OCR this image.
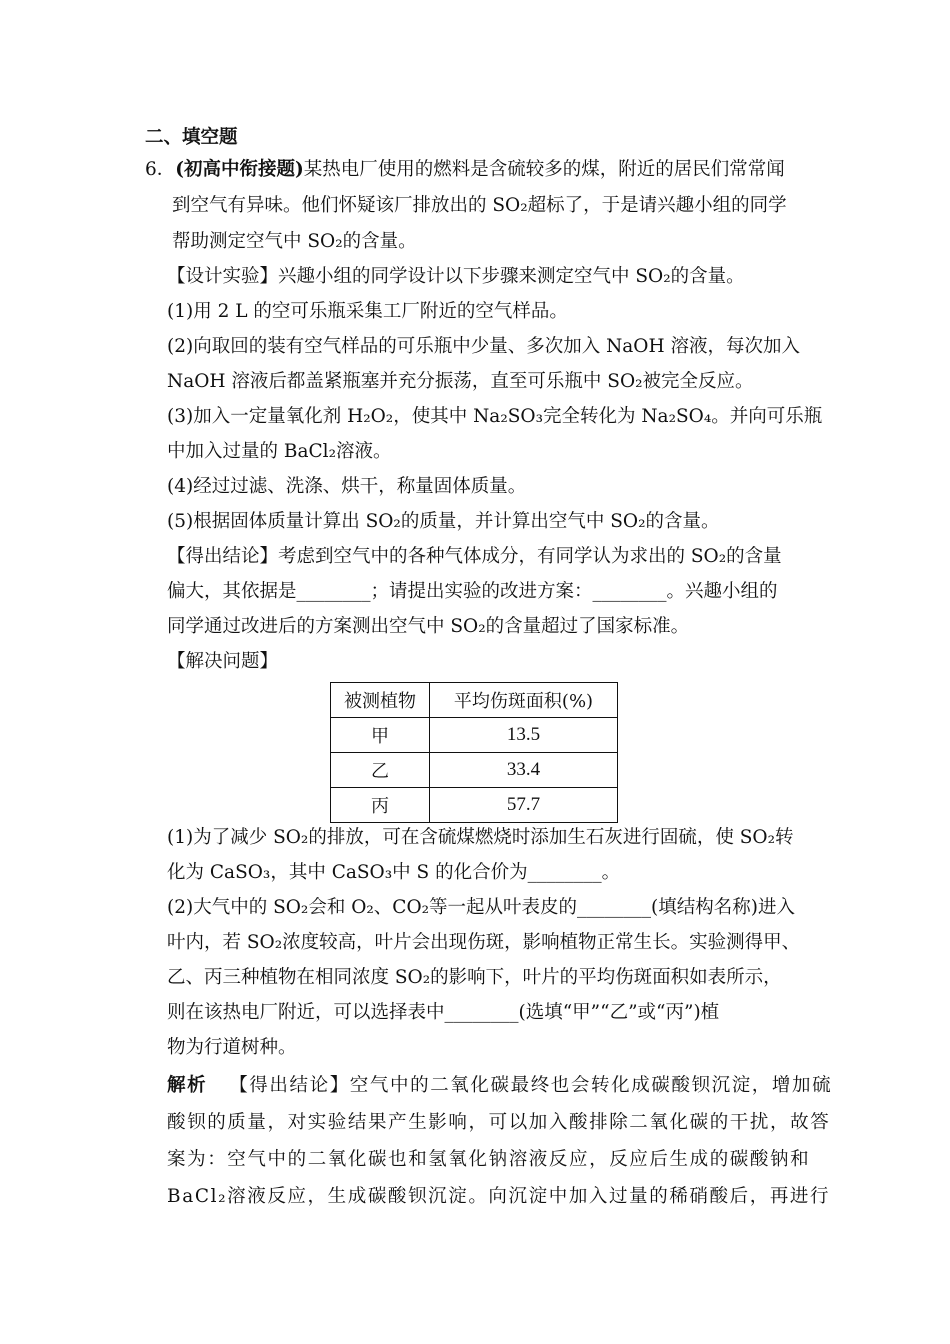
二、填空题
6．(初高中衔接题)某热电厂使用的燃料是含硫较多的煤，附近的居民们常常闻
到空气有异味。他们怀疑该厂排放出的 SO₂超标了，于是请兴趣小组的同学
帮助测定空气中 SO₂的含量。
【设计实验】兴趣小组的同学设计以下步骤来测定空气中 SO₂的含量。
(1)用 2 L 的空可乐瓶采集工厂附近的空气样品。
(2)向取回的装有空气样品的可乐瓶中少量、多次加入 NaOH 溶液，每次加入
NaOH 溶液后都盖紧瓶塞并充分振荡，直至可乐瓶中 SO₂被完全反应。
(3)加入一定量氧化剂 H₂O₂，使其中 Na₂SO₃完全转化为 Na₂SO₄。并向可乐瓶
中加入过量的 BaCl₂溶液。
(4)经过过滤、洗涤、烘干，称量固体质量。
(5)根据固体质量计算出 SO₂的质量，并计算出空气中 SO₂的含量。
【得出结论】考虑到空气中的各种气体成分，有同学认为求出的 SO₂的含量
偏大，其依据是________；请提出实验的改进方案：________。兴趣小组的
同学通过改进后的方案测出空气中 SO₂的含量超过了国家标准。
【解决问题】
被测植物	平均伤斑面积(%)
甲	13.5
乙	33.4
丙	57.7
(1)为了减少 SO₂的排放，可在含硫煤燃烧时添加生石灰进行固硫，使 SO₂转
化为 CaSO₃，其中 CaSO₃中 S 的化合价为________。
(2)大气中的 SO₂会和 O₂、CO₂等一起从叶表皮的________(填结构名称)进入
叶内，若 SO₂浓度较高，叶片会出现伤斑，影响植物正常生长。实验测得甲、
乙、丙三种植物在相同浓度 SO₂的影响下，叶片的平均伤斑面积如表所示，
则在该热电厂附近，可以选择表中________(选填“甲”“乙”或“丙”)植
物为行道树种。
解析 【得出结论】空气中的二氧化碳最终也会转化成碳酸钡沉淀，增加硫
酸钡的质量，对实验结果产生影响，可以加入酸排除二氧化碳的干扰，故答
案为：空气中的二氧化碳也和氢氧化钠溶液反应，反应后生成的碳酸钠和
BaCl₂溶液反应，生成碳酸钡沉淀。向沉淀中加入过量的稀硝酸后，再进行
